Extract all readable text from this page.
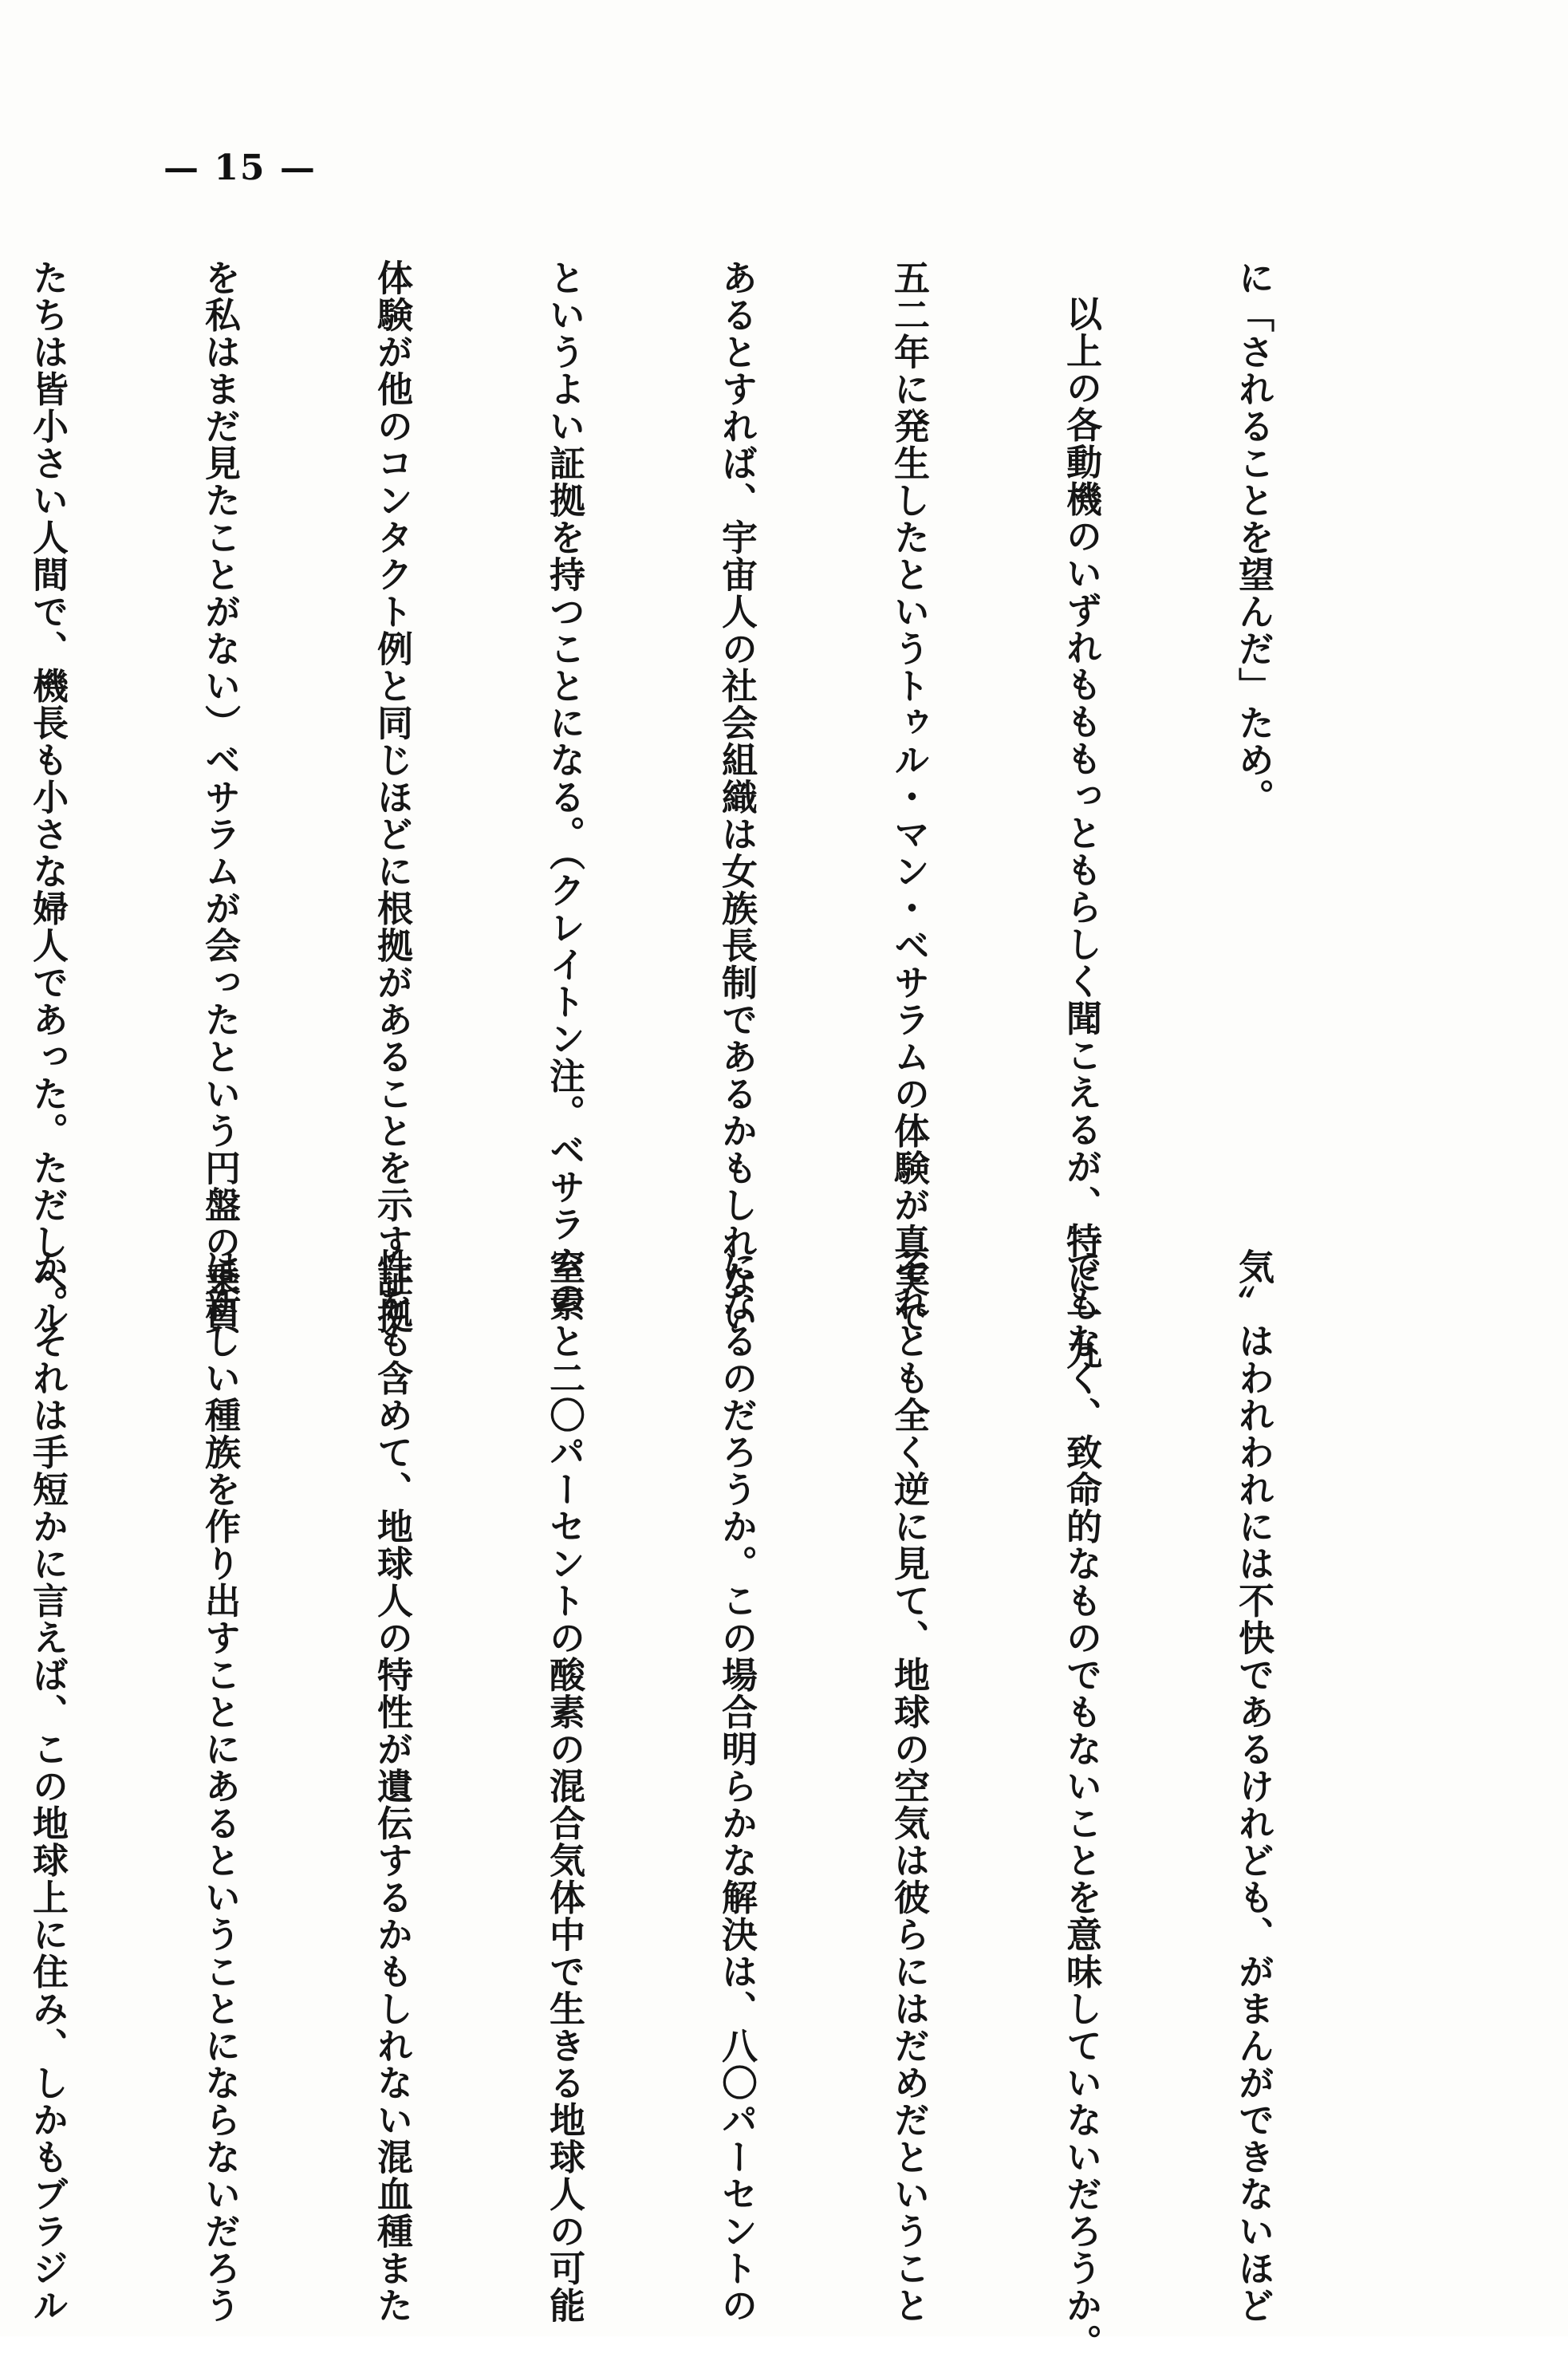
— 15 —

に「されることを望んだ」ため。

以上の各動機のいずれもももっともらしく聞こえるが、特に一九

五二年に発生したというトゥル・マン・ベサラムの体験が真実で

あるとすれば、宇宙人の社会組織は女族長制であるかもしれない

というよい証拠を持つことになる。（クレイトン注。ベサラムの

体験が他のコンタクト例と同じほどに根拠があることを示す証拠

を私はまだ見たことがない）ベサラムが会ったという円盤の乗員

たちは皆小さい人間で、機長も小さな婦人であった。ただしヘル

気〟はわれわれには不快であるけれども、がまんができないほど

でもなく、致命的なものでもないことを意味していないだろうか。

それとも全く逆に見て、地球の空気は彼らにはだめだということ

になるのだろうか。この場合明らかな解決は、八〇パーセントの

窒素と二〇パーセントの酸素の混合気体中で生きる地球人の可能

性をも含めて、地球人の特性が遺伝するかもしれない混血種また

は新しい種族を作り出すことにあるということにならないだろう

か。それは手短かに言えば、この地球上に住み、しかもブラジル
